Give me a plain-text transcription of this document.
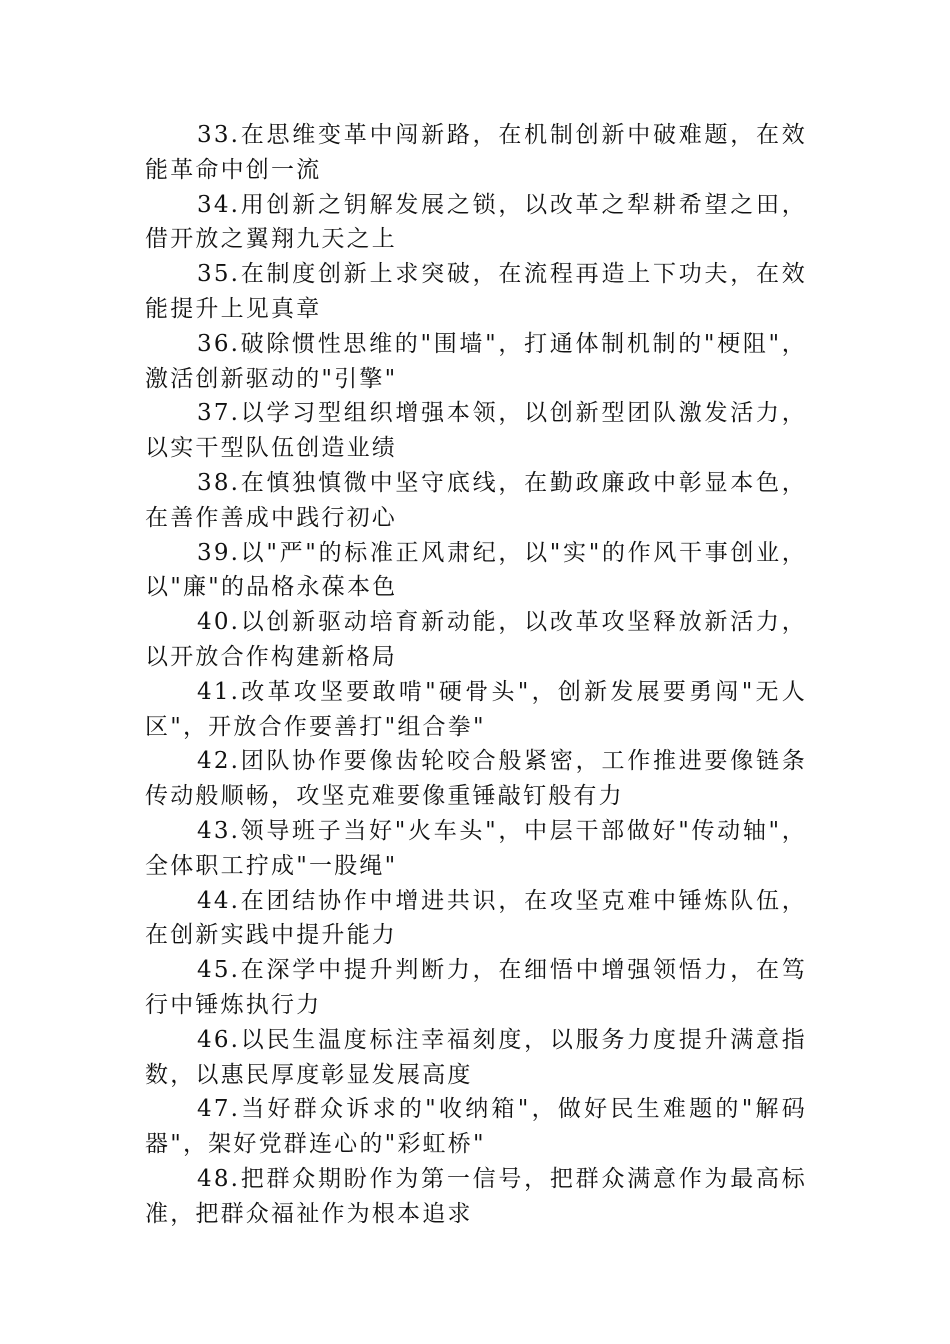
33.在思维变革中闯新路，在机制创新中破难题，在效能革命中创一流

34.用创新之钥解发展之锁，以改革之犁耕希望之田，借开放之翼翔九天之上

35.在制度创新上求突破，在流程再造上下功夫，在效能提升上见真章

36.破除惯性思维的"围墙"，打通体制机制的"梗阻"，激活创新驱动的"引擎"

37.以学习型组织增强本领，以创新型团队激发活力，以实干型队伍创造业绩

38.在慎独慎微中坚守底线，在勤政廉政中彰显本色，在善作善成中践行初心

39.以"严"的标准正风肃纪，以"实"的作风干事创业，以"廉"的品格永葆本色

40.以创新驱动培育新动能，以改革攻坚释放新活力，以开放合作构建新格局

41.改革攻坚要敢啃"硬骨头"，创新发展要勇闯"无人区"，开放合作要善打"组合拳"

42.团队协作要像齿轮咬合般紧密，工作推进要像链条传动般顺畅，攻坚克难要像重锤敲钉般有力

43.领导班子当好"火车头"，中层干部做好"传动轴"，全体职工拧成"一股绳"

44.在团结协作中增进共识，在攻坚克难中锤炼队伍，在创新实践中提升能力

45.在深学中提升判断力，在细悟中增强领悟力，在笃行中锤炼执行力

46.以民生温度标注幸福刻度，以服务力度提升满意指数，以惠民厚度彰显发展高度

47.当好群众诉求的"收纳箱"，做好民生难题的"解码器"，架好党群连心的"彩虹桥"

48.把群众期盼作为第一信号，把群众满意作为最高标准，把群众福祉作为根本追求
